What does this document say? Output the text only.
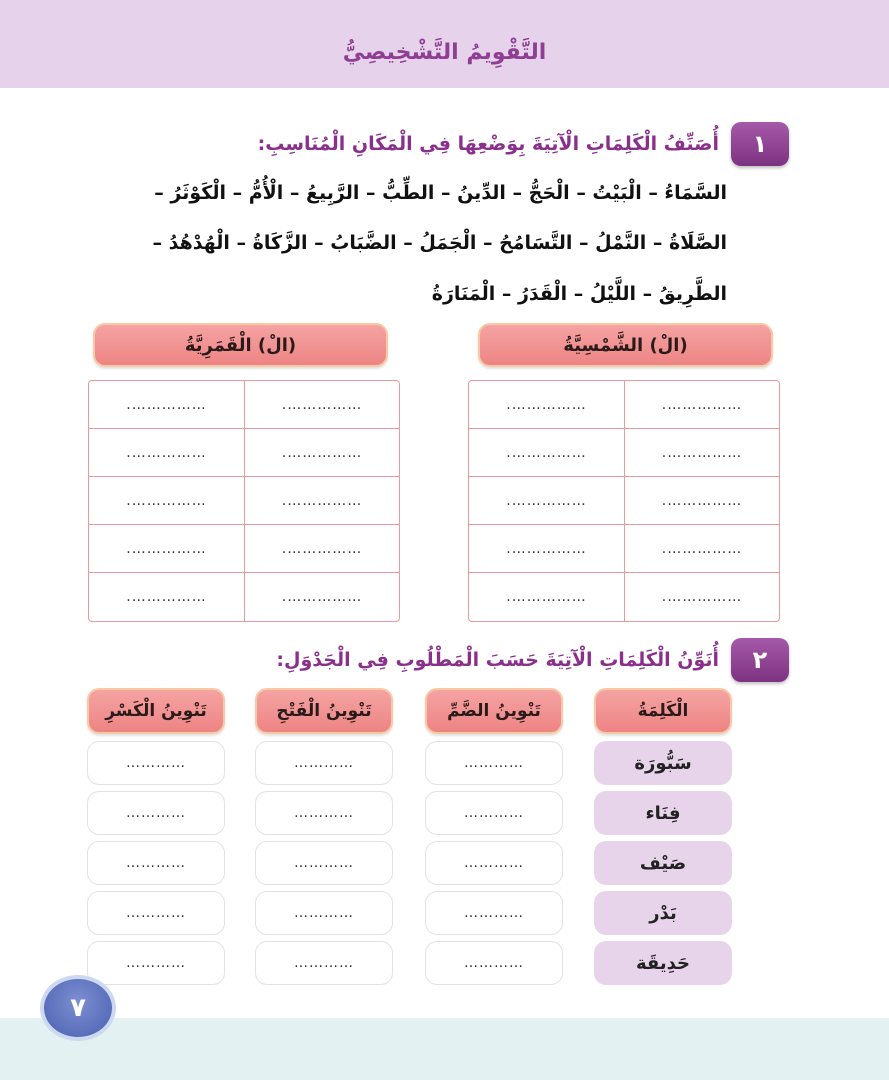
التَّقْوِيمُ التَّشْخِيصِيُّ
١
أُصَنِّفُ الْكَلِمَاتِ الْآتِيَةَ بِوَضْعِهَا فِي الْمَكَانِ الْمُنَاسِبِ:
السَّمَاءُ – الْبَيْتُ – الْحَجُّ – الدِّينُ – الطِّبُّ – الرَّبِيعُ – الْأُمُّ – الْكَوْثَرُ –
الصَّلَاةُ – النَّمْلُ – التَّسَامُحُ – الْجَمَلُ – الضَّبَابُ – الزَّكَاةُ – الْهُدْهُدُ –
الطَّرِيقُ – اللَّيْلُ – الْقَدَرُ – الْمَنَارَةُ
(الْ) الشَّمْسِيَّةُ
(الْ) الْقَمَرِيَّةُ
…………….
…………….
…………….
…………….
…………….
…………….
…………….
…………….
…………….
…………….
…………….
…………….
…………….
…………….
…………….
…………….
…………….
…………….
…………….
…………….
٢
أُنَوِّنُ الْكَلِمَاتِ الْآتِيَةَ حَسَبَ الْمَطْلُوبِ فِي الْجَدْوَلِ:
الْكَلِمَةُ
تَنْوِينُ الضَّمِّ
تَنْوِينُ الْفَتْحِ
تَنْوِينُ الْكَسْرِ
سَبُّورَة
…………
…………
…………
فِنَاء
…………
…………
…………
صَيْف
…………
…………
…………
بَدْر
…………
…………
…………
حَدِيقَة
…………
…………
…………
٧
